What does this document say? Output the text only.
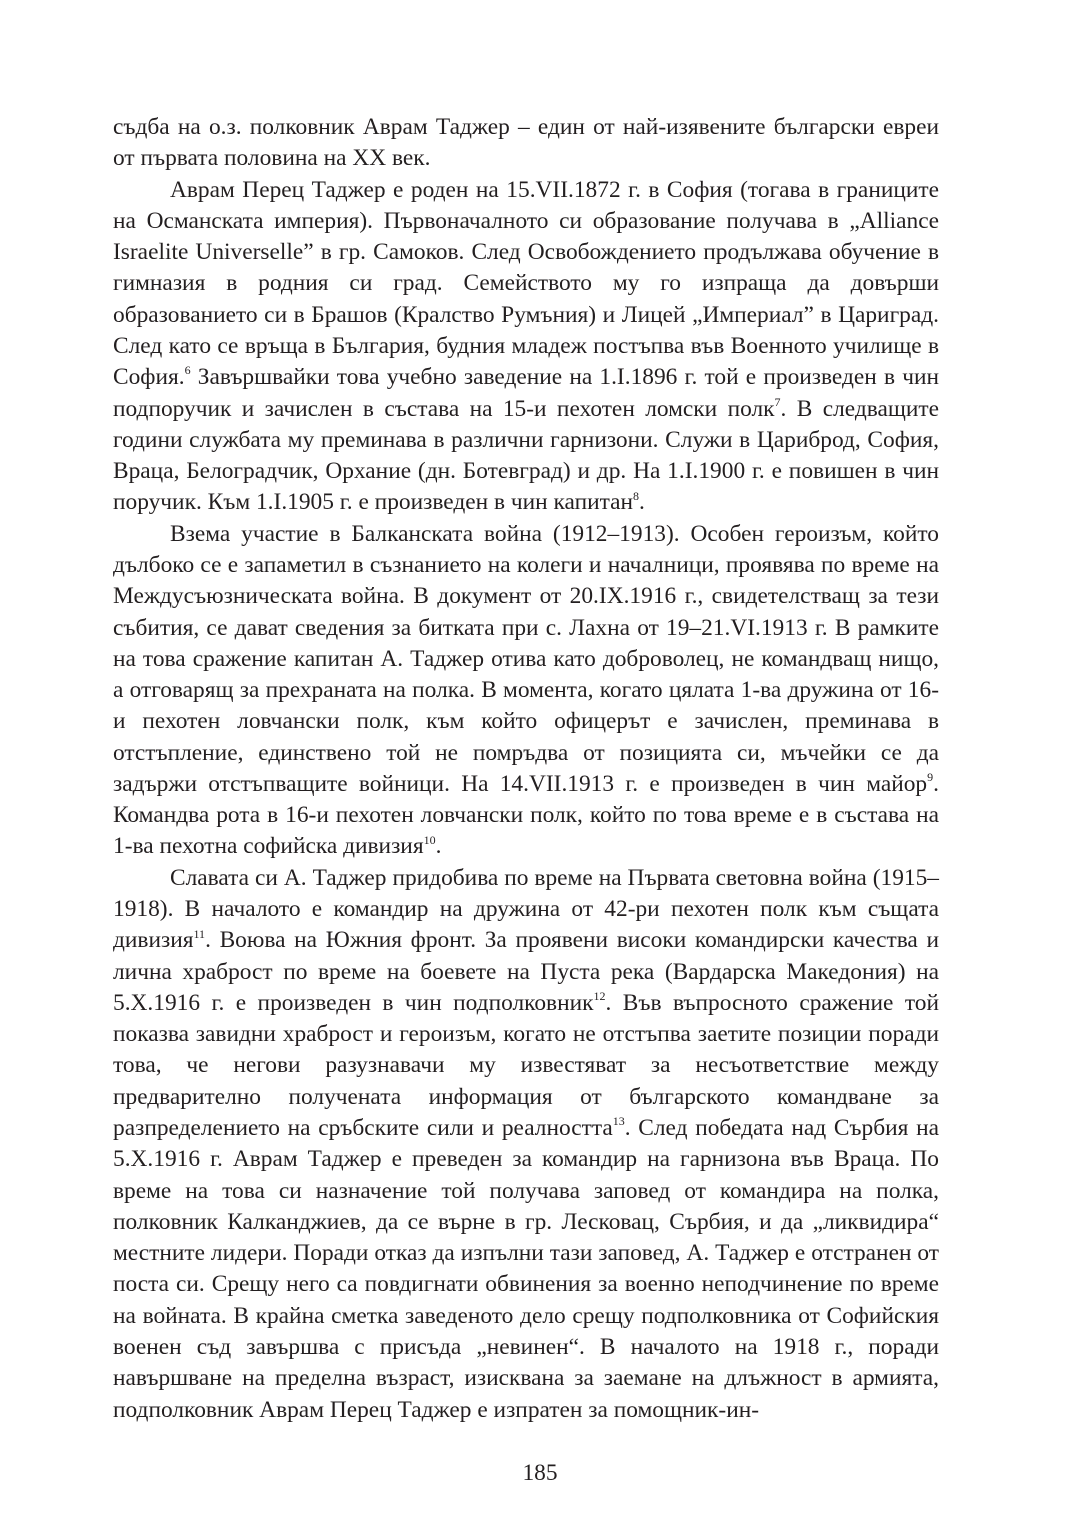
съдба на о.з. полковник Аврам Таджер – един от най-изявените български евреи от първата половина на XX век.

Аврам Перец Таджер е роден на 15.VII.1872 г. в София (тогава в границите на Османската империя). Първоначалното си образование получава в „Alliance Israelite Universelle” в гр. Самоков. След Освобождението продължава обучение в гимназия в родния си град. Семейството му го изпраща да довърши образованието си в Брашов (Кралство Румъния) и Лицей „Империал” в Цариград. След като се връща в България, будния младеж постъпва във Военното училище в София.$^6$ Завършвайки това учебно заведение на 1.I.1896 г. той е произведен в чин подпоручик и зачислен в състава на 15-и пехотен ломски полк$^7$. В следващите години службата му преминава в различни гарнизони. Служи в Цариброд, София, Враца, Белоградчик, Орхание (дн. Ботевград) и др. На 1.I.1900 г. е повишен в чин поручик. Към 1.I.1905 г. е произведен в чин капитан$^8$.

Взема участие в Балканската война (1912–1913). Особен героизъм, който дълбоко се е запаметил в съзнанието на колеги и началници, проявява по време на Междусъюзническата война. В документ от 20.IX.1916 г., свидетелстващ за тези събития, се дават сведения за битката при с. Лахна от 19–21.VI.1913 г. В рамките на това сражение капитан А. Таджер отива като доброволец, не командващ нищо, а отговарящ за прехраната на полка. В момента, когато цялата 1-ва дружина от 16-и пехотен ловчански полк, към който офицерът е зачислен, преминава в отстъпление, единствено той не помръдва от позицията си, мъчейки се да задържи отстъпващите войници. На 14.VII.1913 г. е произведен в чин майор$^9$. Командва рота в 16-и пехотен ловчански полк, който по това време е в състава на 1-ва пехотна софийска дивизия$^{10}$.

Славата си А. Таджер придобива по време на Първата световна война (1915–1918). В началото е командир на дружина от 42-ри пехотен полк към същата дивизия$^{11}$. Воюва на Южния фронт. За проявени високи командирски качества и лична храброст по време на боевете на Пуста река (Вардарска Македония) на 5.X.1916 г. е произведен в чин подполковник$^{12}$. Във въпросното сражение той показва завидни храброст и героизъм, когато не отстъпва заетите позиции поради това, че негови разузнавачи му известяват за несъответствие между предварително получената информация от българското командване за разпределението на сръбските сили и реалността$^{13}$. След победата над Сърбия на 5.X.1916 г. Аврам Таджер е преведен за командир на гарнизона във Враца. По време на това си назначение той получава заповед от командира на полка, полковник Калканджиев, да се върне в гр. Лесковац, Сърбия, и да „ликвидира“ местните лидери. Поради отказ да изпълни тази заповед, А. Таджер е отстранен от поста си. Срещу него са повдигнати обвинения за военно неподчинение по време на войната. В крайна сметка заведеното дело срещу подполковника от Софийския военен съд завършва с присъда „невинен“. В началото на 1918 г., поради навършване на пределна възраст, изисквана за заемане на длъжност в армията, подполковник Аврам Перец Таджер е изпратен за помощник-ин-

185
